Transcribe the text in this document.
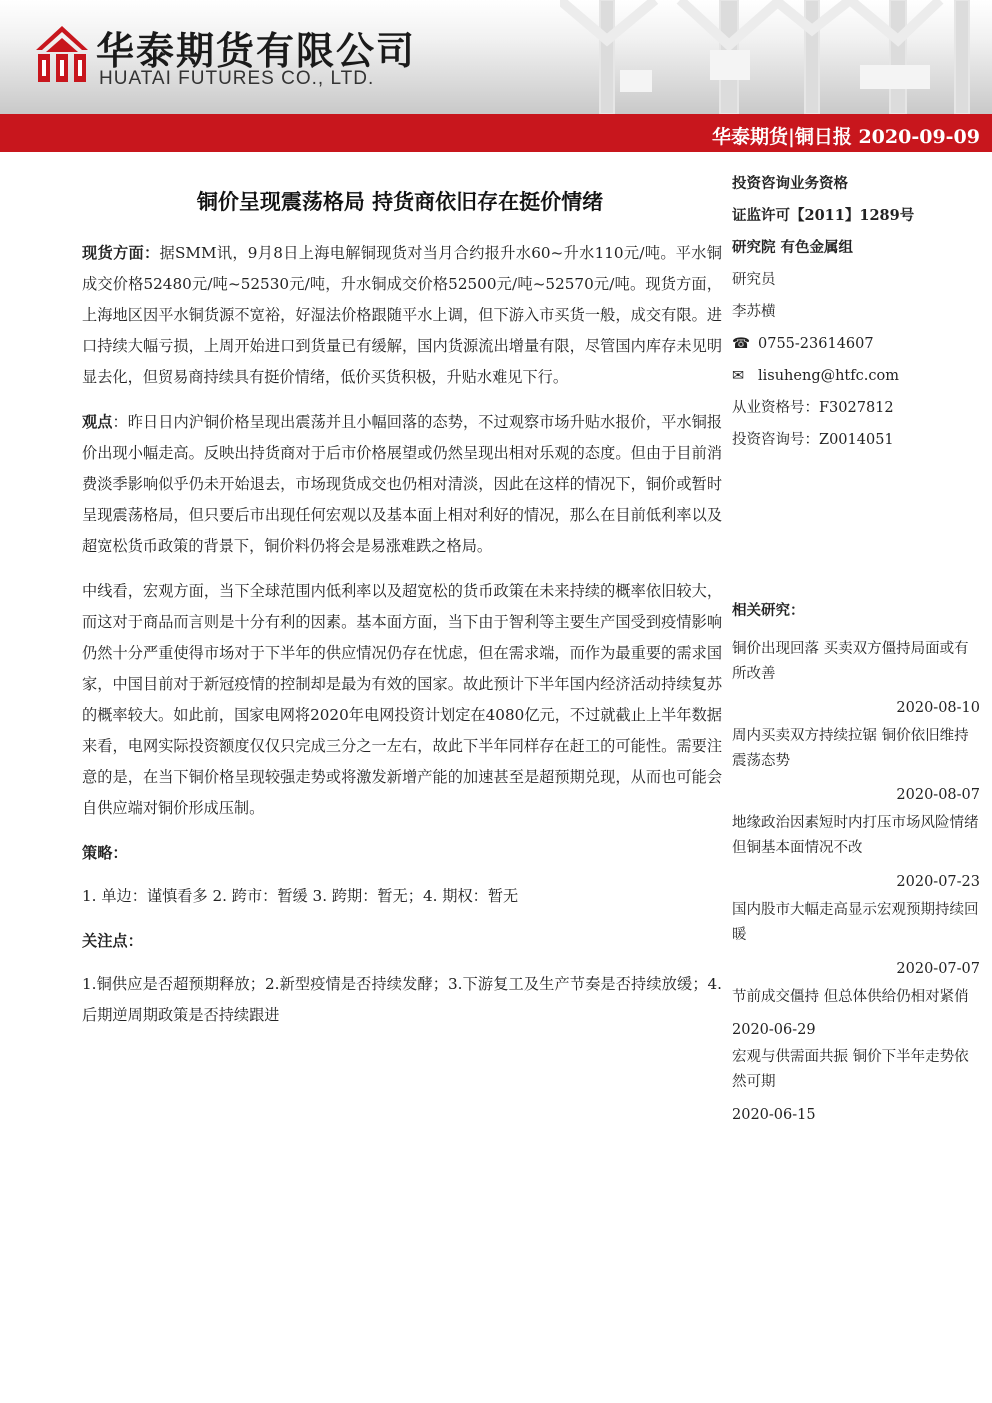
华泰期货有限公司
HUATAI FUTURES CO., LTD.
华泰期货|铜日报 2020-09-09
铜价呈现震荡格局 持货商依旧存在挺价情绪

现货方面：据SMM讯，9月8日上海电解铜现货对当月合约报升水60~升水110元/吨。平水铜成交价格52480元/吨~52530元/吨，升水铜成交价格52500元/吨~52570元/吨。现货方面，上海地区因平水铜货源不宽裕，好湿法价格跟随平水上调，但下游入市买货一般，成交有限。进口持续大幅亏损，上周开始进口到货量已有缓解，国内货源流出增量有限，尽管国内库存未见明显去化，但贸易商持续具有挺价情绪，低价买货积极，升贴水难见下行。

观点：昨日日内沪铜价格呈现出震荡并且小幅回落的态势，不过观察市场升贴水报价，平水铜报价出现小幅走高。反映出持货商对于后市价格展望或仍然呈现出相对乐观的态度。但由于目前消费淡季影响似乎仍未开始退去，市场现货成交也仍相对清淡，因此在这样的情况下，铜价或暂时呈现震荡格局，但只要后市出现任何宏观以及基本面上相对利好的情况，那么在目前低利率以及超宽松货币政策的背景下，铜价料仍将会是易涨难跌之格局。

中线看，宏观方面，当下全球范围内低利率以及超宽松的货币政策在未来持续的概率依旧较大，而这对于商品而言则是十分有利的因素。基本面方面，当下由于智利等主要生产国受到疫情影响仍然十分严重使得市场对于下半年的供应情况仍存在忧虑，但在需求端，而作为最重要的需求国家，中国目前对于新冠疫情的控制却是最为有效的国家。故此预计下半年国内经济活动持续复苏的概率较大。如此前，国家电网将2020年电网投资计划定在4080亿元，不过就截止上半年数据来看，电网实际投资额度仅仅只完成三分之一左右，故此下半年同样存在赶工的可能性。需要注意的是，在当下铜价格呈现较强走势或将激发新增产能的加速甚至是超预期兑现，从而也可能会自供应端对铜价形成压制。

策略：

1. 单边：谨慎看多 2. 跨市：暂缓 3. 跨期：暂无；4. 期权：暂无

关注点：

1.铜供应是否超预期释放；2.新型疫情是否持续发酵；3.下游复工及生产节奏是否持续放缓；4. 后期逆周期政策是否持续跟进

投资咨询业务资格
证监许可【2011】1289号
研究院 有色金属组
研究员
李苏横
☎ 0755-23614607
✉ lisuheng@htfc.com
从业资格号：F3027812
投资咨询号：Z0014051
相关研究：
铜价出现回落 买卖双方僵持局面或有所改善
2020-08-10
周内买卖双方持续拉锯 铜价依旧维持震荡态势
2020-08-07
地缘政治因素短时内打压市场风险情绪 但铜基本面情况不改
2020-07-23
国内股市大幅走高显示宏观预期持续回暖
2020-07-07
节前成交僵持 但总体供给仍相对紧俏
2020-06-29
宏观与供需面共振 铜价下半年走势依然可期
2020-06-15
